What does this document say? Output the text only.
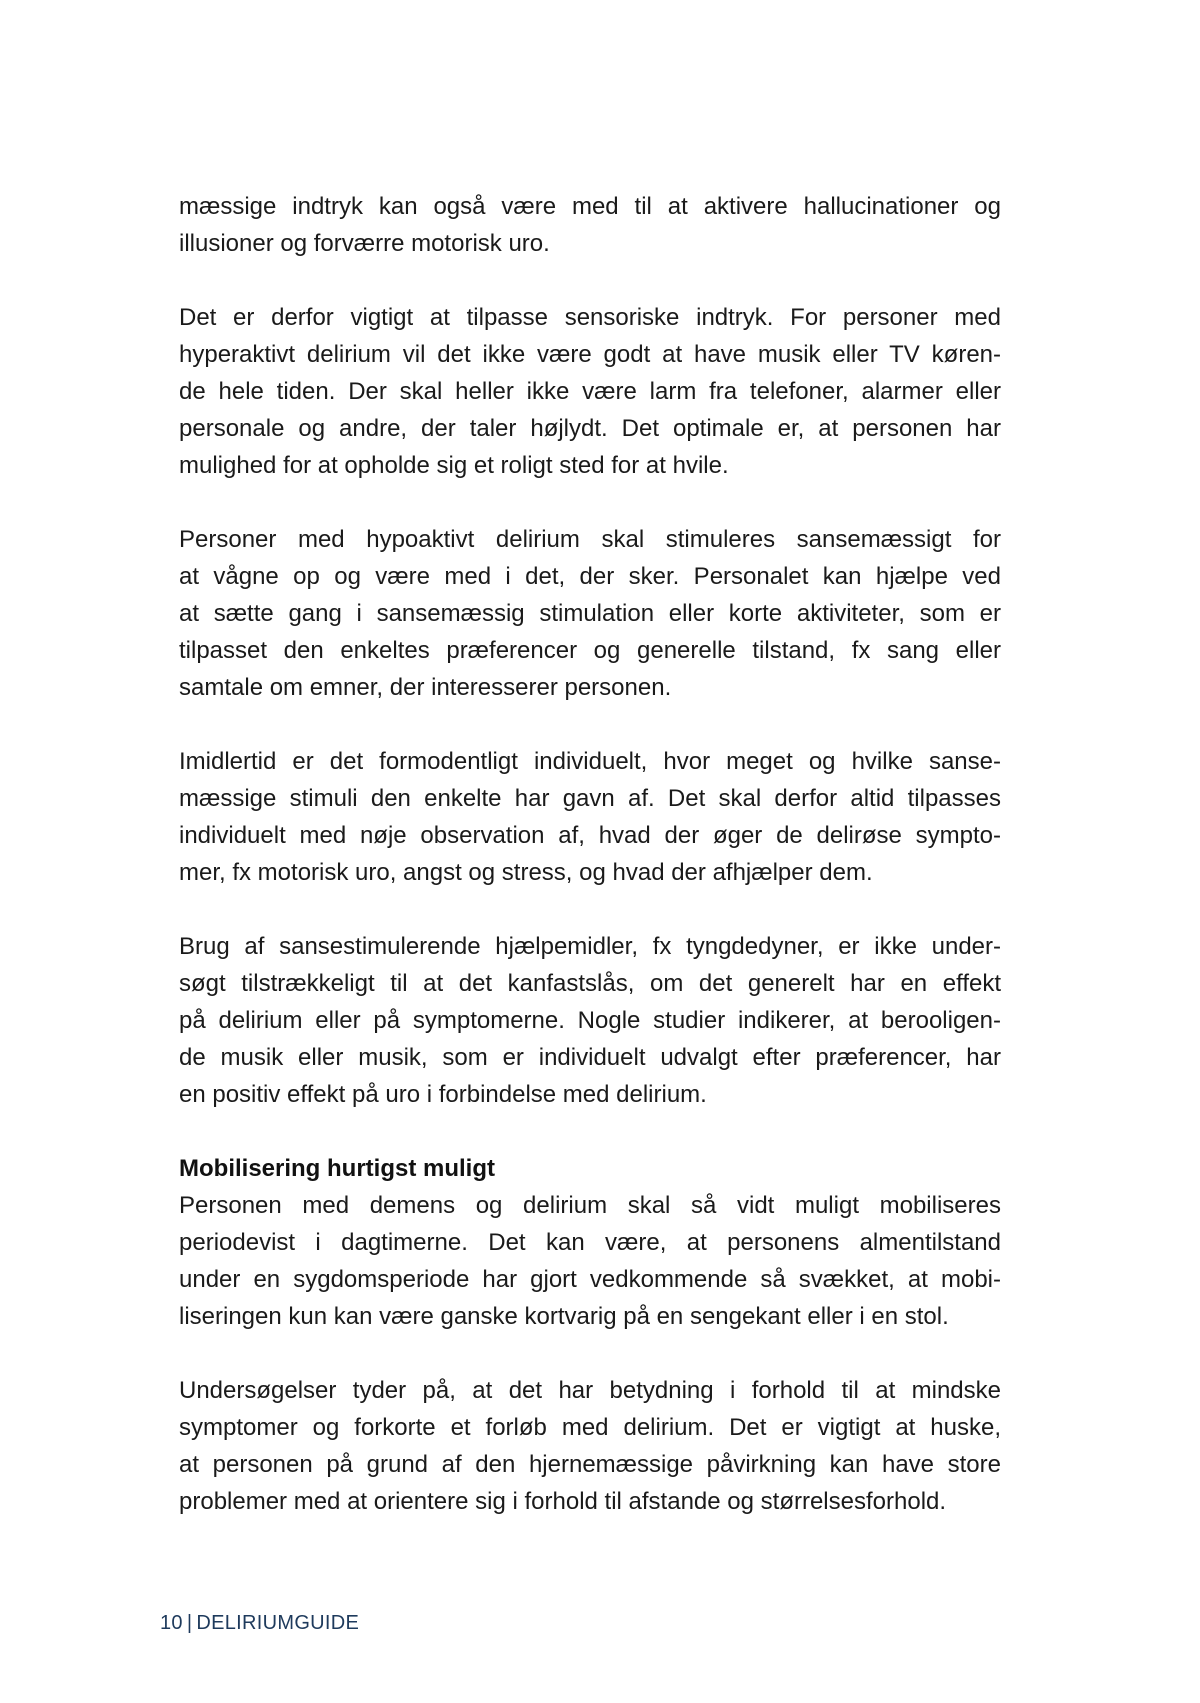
mæssige indtryk kan også være med til at aktivere hallucinationer og
illusioner og forværre motorisk uro.

Det er derfor vigtigt at tilpasse sensoriske indtryk. For personer med
hyperaktivt delirium vil det ikke være godt at have musik eller TV køren-
de hele tiden. Der skal heller ikke være larm fra telefoner, alarmer eller
personale og andre, der taler højlydt. Det optimale er, at personen har
mulighed for at opholde sig et roligt sted for at hvile.

Personer med hypoaktivt delirium skal stimuleres sansemæssigt for
at vågne op og være med i det, der sker. Personalet kan hjælpe ved
at sætte gang i sansemæssig stimulation eller korte aktiviteter, som er
tilpasset den enkeltes præferencer og generelle tilstand, fx sang eller
samtale om emner, der interesserer personen.

Imidlertid er det formodentligt individuelt, hvor meget og hvilke sanse-
mæssige stimuli den enkelte har gavn af. Det skal derfor altid tilpasses
individuelt med nøje observation af, hvad der øger de delirøse sympto-
mer, fx motorisk uro, angst og stress, og hvad der afhjælper dem.

Brug af sansestimulerende hjælpemidler, fx tyngdedyner, er ikke under-
søgt tilstrækkeligt til at det kanfastslås, om det generelt har en effekt
på delirium eller på symptomerne. Nogle studier indikerer, at berooligen-
de musik eller musik, som er individuelt udvalgt efter præferencer, har
en positiv effekt på uro i forbindelse med delirium.

Mobilisering hurtigst muligt

Personen med demens og delirium skal så vidt muligt mobiliseres
periodevist i dagtimerne. Det kan være, at personens almentilstand
under en sygdomsperiode har gjort vedkommende så svækket, at mobi-
liseringen kun kan være ganske kortvarig på en sengekant eller i en stol.

Undersøgelser tyder på, at det har betydning i forhold til at mindske
symptomer og forkorte et forløb med delirium. Det er vigtigt at huske,
at personen på grund af den hjernemæssige påvirkning kan have store
problemer med at orientere sig i forhold til afstande og størrelsesforhold.

10 | DELIRIUMGUIDE
